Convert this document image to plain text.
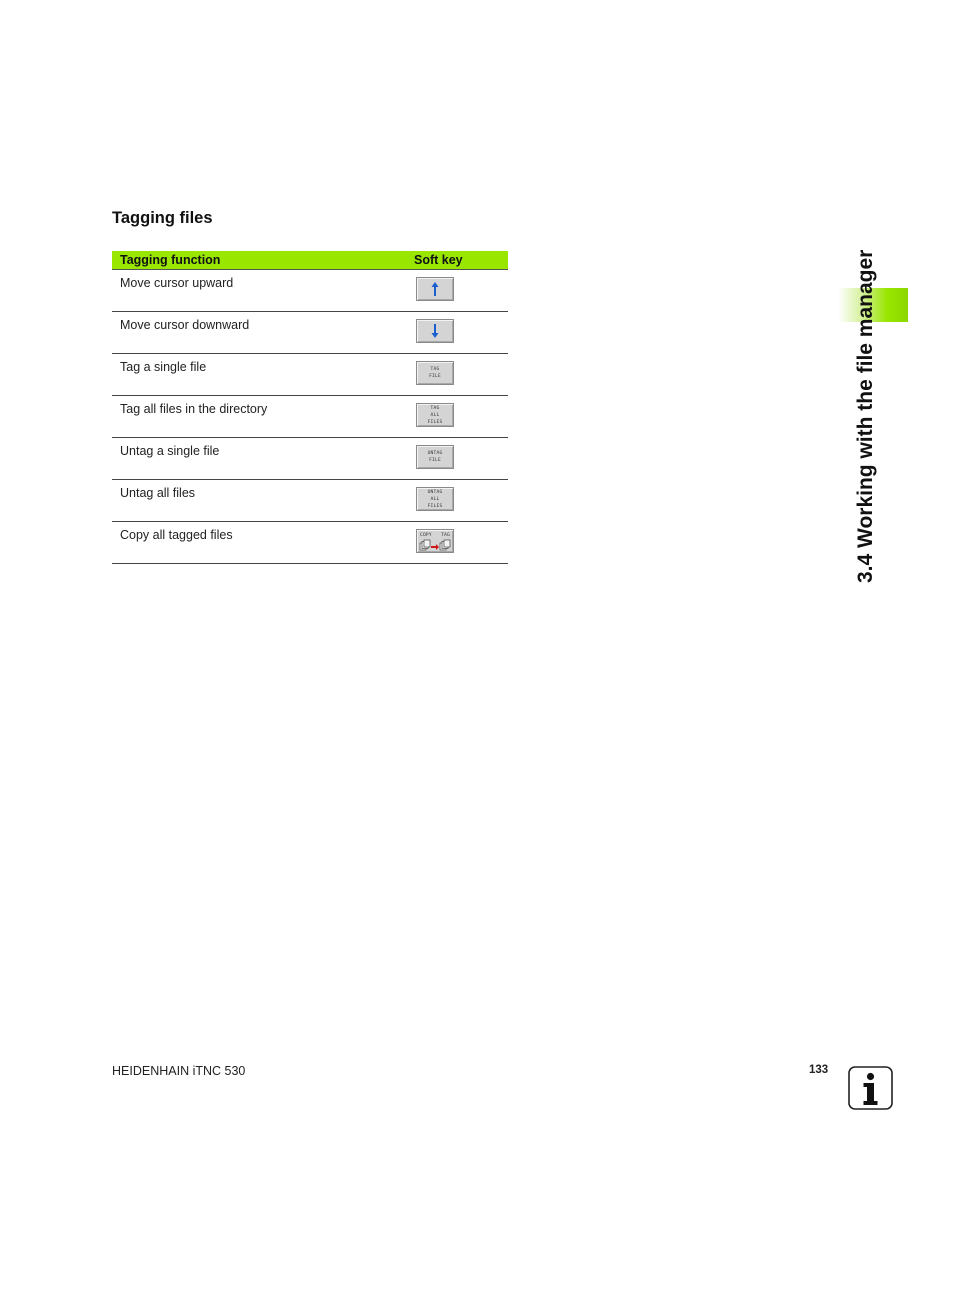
Tagging files
Tagging function	Soft key
Move cursor upward	

Move cursor downward	

Tag a single file	TAG
FILE

Tag all files in the directory	TAG
ALL
FILES

Untag a single file	UNTAG
FILE

Untag all files	UNTAG
ALL
FILES

Copy all tagged files	COPY TAG	3.4 Working with the file manager
HEIDENHAIN iTNC 530	133
